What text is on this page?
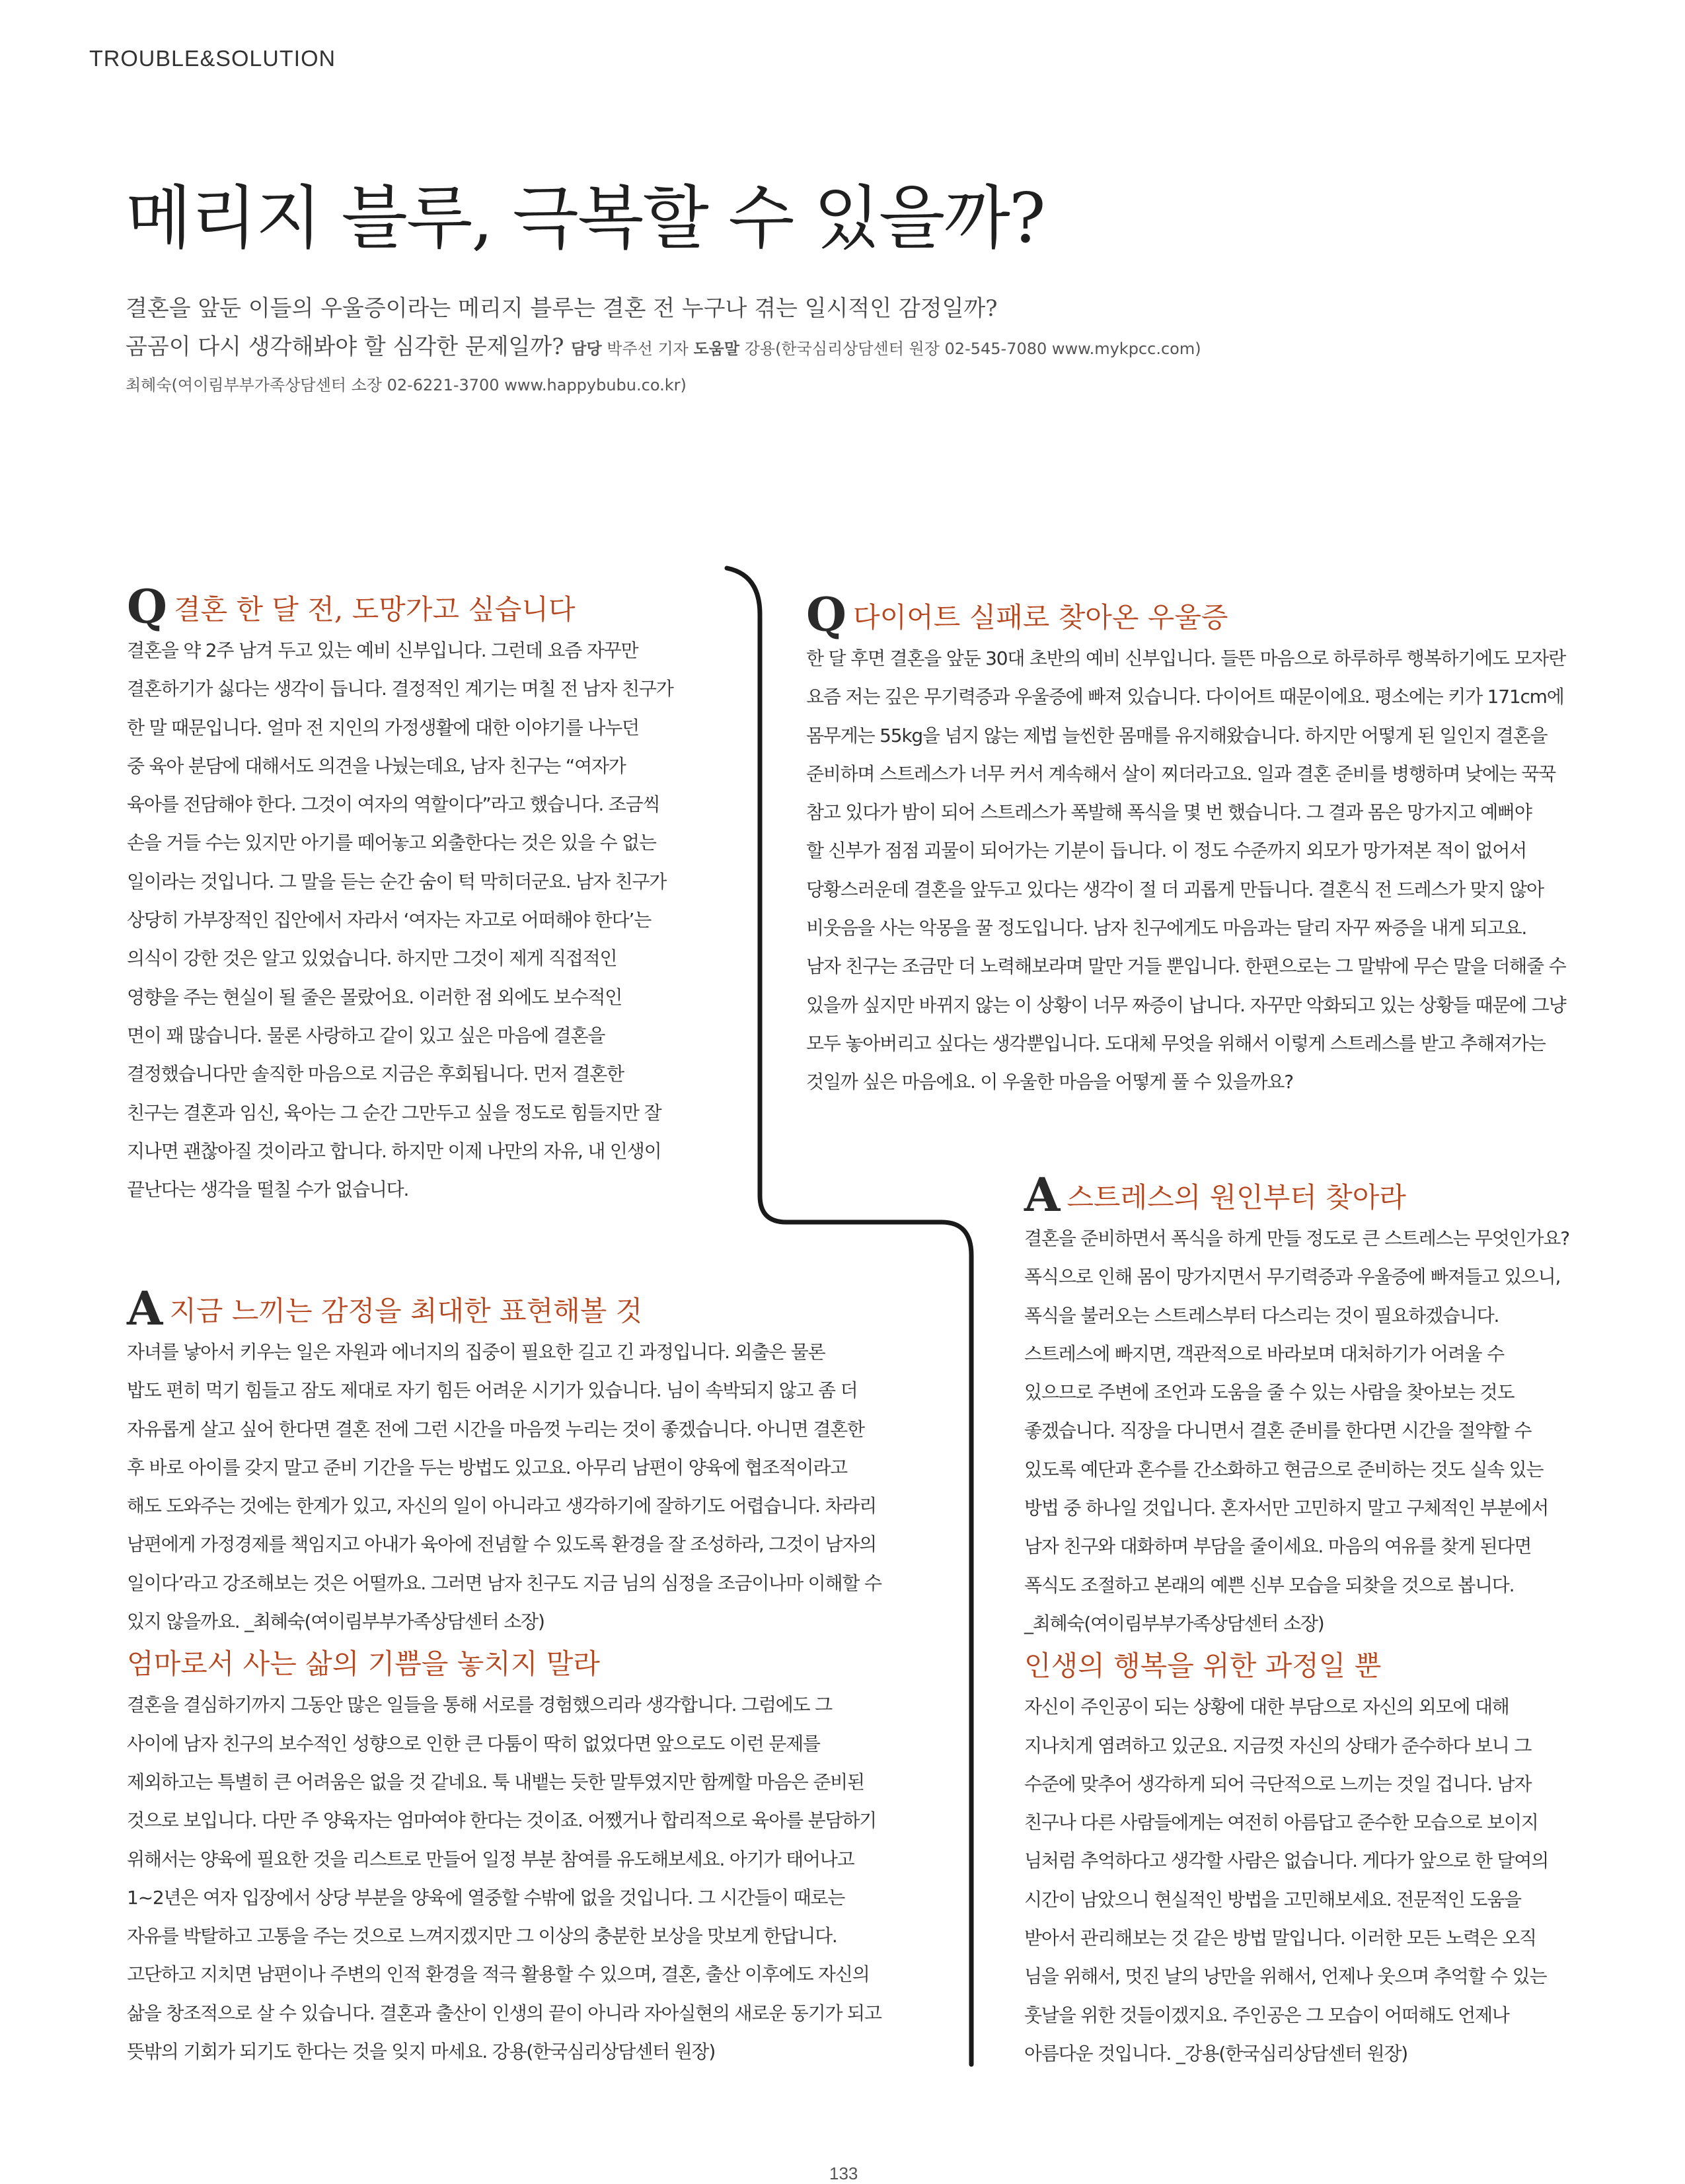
TROUBLE&SOLUTION
메리지 블루, 극복할 수 있을까?
결혼을 앞둔 이들의 우울증이라는 메리지 블루는 결혼 전 누구나 겪는 일시적인 감정일까?
곰곰이 다시 생각해봐야 할 심각한 문제일까? 담당 박주선 기자 도움말 강용(한국심리상담센터 원장 02-545-7080 www.mykpcc.com)
최혜숙(여이림부부가족상담센터 소장 02-6221-3700 www.happybubu.co.kr)
Q결혼 한 달 전, 도망가고 싶습니다

결혼을 약 2주 남겨 두고 있는 예비 신부입니다. 그런데 요즘 자꾸만

결혼하기가 싫다는 생각이 듭니다. 결정적인 계기는 며칠 전 남자 친구가

한 말 때문입니다. 얼마 전 지인의 가정생활에 대한 이야기를 나누던

중 육아 분담에 대해서도 의견을 나눴는데요, 남자 친구는 “여자가

육아를 전담해야 한다. 그것이 여자의 역할이다”라고 했습니다. 조금씩

손을 거들 수는 있지만 아기를 떼어놓고 외출한다는 것은 있을 수 없는

일이라는 것입니다. 그 말을 듣는 순간 숨이 턱 막히더군요. 남자 친구가

상당히 가부장적인 집안에서 자라서 ‘여자는 자고로 어떠해야 한다’는

의식이 강한 것은 알고 있었습니다. 하지만 그것이 제게 직접적인

영향을 주는 현실이 될 줄은 몰랐어요. 이러한 점 외에도 보수적인

면이 꽤 많습니다. 물론 사랑하고 같이 있고 싶은 마음에 결혼을

결정했습니다만 솔직한 마음으로 지금은 후회됩니다. 먼저 결혼한

친구는 결혼과 임신, 육아는 그 순간 그만두고 싶을 정도로 힘들지만 잘

지나면 괜찮아질 것이라고 합니다. 하지만 이제 나만의 자유, 내 인생이

끝난다는 생각을 떨칠 수가 없습니다.

A지금 느끼는 감정을 최대한 표현해볼 것

자녀를 낳아서 키우는 일은 자원과 에너지의 집중이 필요한 길고 긴 과정입니다. 외출은 물론

밥도 편히 먹기 힘들고 잠도 제대로 자기 힘든 어려운 시기가 있습니다. 님이 속박되지 않고 좀 더

자유롭게 살고 싶어 한다면 결혼 전에 그런 시간을 마음껏 누리는 것이 좋겠습니다. 아니면 결혼한

후 바로 아이를 갖지 말고 준비 기간을 두는 방법도 있고요. 아무리 남편이 양육에 협조적이라고

해도 도와주는 것에는 한계가 있고, 자신의 일이 아니라고 생각하기에 잘하기도 어렵습니다. 차라리

남편에게 가정경제를 책임지고 아내가 육아에 전념할 수 있도록 환경을 잘 조성하라, 그것이 남자의

일이다’라고 강조해보는 것은 어떨까요. 그러면 남자 친구도 지금 님의 심정을 조금이나마 이해할 수

있지 않을까요. _최혜숙(여이림부부가족상담센터 소장)

엄마로서 사는 삶의 기쁨을 놓치지 말라

결혼을 결심하기까지 그동안 많은 일들을 통해 서로를 경험했으리라 생각합니다. 그럼에도 그

사이에 남자 친구의 보수적인 성향으로 인한 큰 다툼이 딱히 없었다면 앞으로도 이런 문제를

제외하고는 특별히 큰 어려움은 없을 것 같네요. 툭 내뱉는 듯한 말투였지만 함께할 마음은 준비된

것으로 보입니다. 다만 주 양육자는 엄마여야 한다는 것이죠. 어쨌거나 합리적으로 육아를 분담하기

위해서는 양육에 필요한 것을 리스트로 만들어 일정 부분 참여를 유도해보세요. 아기가 태어나고

1~2년은 여자 입장에서 상당 부분을 양육에 열중할 수밖에 없을 것입니다. 그 시간들이 때로는

자유를 박탈하고 고통을 주는 것으로 느껴지겠지만 그 이상의 충분한 보상을 맛보게 한답니다.

고단하고 지치면 남편이나 주변의 인적 환경을 적극 활용할 수 있으며, 결혼, 출산 이후에도 자신의

삶을 창조적으로 살 수 있습니다. 결혼과 출산이 인생의 끝이 아니라 자아실현의 새로운 동기가 되고

뜻밖의 기회가 되기도 한다는 것을 잊지 마세요. 강용(한국심리상담센터 원장)

Q다이어트 실패로 찾아온 우울증

한 달 후면 결혼을 앞둔 30대 초반의 예비 신부입니다. 들뜬 마음으로 하루하루 행복하기에도 모자란

요즘 저는 깊은 무기력증과 우울증에 빠져 있습니다. 다이어트 때문이에요. 평소에는 키가 171cm에

몸무게는 55kg을 넘지 않는 제법 늘씬한 몸매를 유지해왔습니다. 하지만 어떻게 된 일인지 결혼을

준비하며 스트레스가 너무 커서 계속해서 살이 찌더라고요. 일과 결혼 준비를 병행하며 낮에는 꾹꾹

참고 있다가 밤이 되어 스트레스가 폭발해 폭식을 몇 번 했습니다. 그 결과 몸은 망가지고 예뻐야

할 신부가 점점 괴물이 되어가는 기분이 듭니다. 이 정도 수준까지 외모가 망가져본 적이 없어서

당황스러운데 결혼을 앞두고 있다는 생각이 절 더 괴롭게 만듭니다. 결혼식 전 드레스가 맞지 않아

비웃음을 사는 악몽을 꿀 정도입니다. 남자 친구에게도 마음과는 달리 자꾸 짜증을 내게 되고요.

남자 친구는 조금만 더 노력해보라며 말만 거들 뿐입니다. 한편으로는 그 말밖에 무슨 말을 더해줄 수

있을까 싶지만 바뀌지 않는 이 상황이 너무 짜증이 납니다. 자꾸만 악화되고 있는 상황들 때문에 그냥

모두 놓아버리고 싶다는 생각뿐입니다. 도대체 무엇을 위해서 이렇게 스트레스를 받고 추해져가는

것일까 싶은 마음에요. 이 우울한 마음을 어떻게 풀 수 있을까요?

A스트레스의 원인부터 찾아라

결혼을 준비하면서 폭식을 하게 만들 정도로 큰 스트레스는 무엇인가요?

폭식으로 인해 몸이 망가지면서 무기력증과 우울증에 빠져들고 있으니,

폭식을 불러오는 스트레스부터 다스리는 것이 필요하겠습니다.

스트레스에 빠지면, 객관적으로 바라보며 대처하기가 어려울 수

있으므로 주변에 조언과 도움을 줄 수 있는 사람을 찾아보는 것도

좋겠습니다. 직장을 다니면서 결혼 준비를 한다면 시간을 절약할 수

있도록 예단과 혼수를 간소화하고 현금으로 준비하는 것도 실속 있는

방법 중 하나일 것입니다. 혼자서만 고민하지 말고 구체적인 부분에서

남자 친구와 대화하며 부담을 줄이세요. 마음의 여유를 찾게 된다면

폭식도 조절하고 본래의 예쁜 신부 모습을 되찾을 것으로 봅니다.

_최혜숙(여이림부부가족상담센터 소장)

인생의 행복을 위한 과정일 뿐

자신이 주인공이 되는 상황에 대한 부담으로 자신의 외모에 대해

지나치게 염려하고 있군요. 지금껏 자신의 상태가 준수하다 보니 그

수준에 맞추어 생각하게 되어 극단적으로 느끼는 것일 겁니다. 남자

친구나 다른 사람들에게는 여전히 아름답고 준수한 모습으로 보이지

님처럼 추억하다고 생각할 사람은 없습니다. 게다가 앞으로 한 달여의

시간이 남았으니 현실적인 방법을 고민해보세요. 전문적인 도움을

받아서 관리해보는 것 같은 방법 말입니다. 이러한 모든 노력은 오직

님을 위해서, 멋진 날의 낭만을 위해서, 언제나 웃으며 추억할 수 있는

훗날을 위한 것들이겠지요. 주인공은 그 모습이 어떠해도 언제나

아름다운 것입니다. _강용(한국심리상담센터 원장)

133
